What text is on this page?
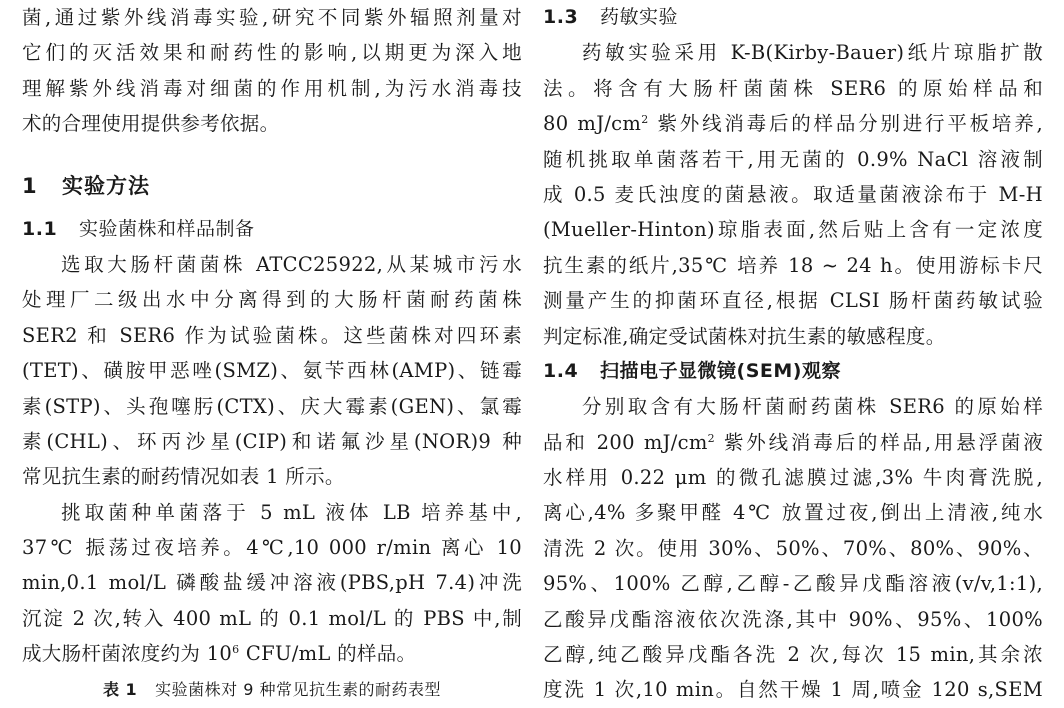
菌,通过紫外线消毒实验,研究不同紫外辐照剂量对
它们的灭活效果和耐药性的影响,以期更为深入地
理解紫外线消毒对细菌的作用机制,为污水消毒技
术的合理使用提供参考依据。
1 实验方法
1.1 实验菌株和样品制备
选取大肠杆菌菌株 ATCC25922,从某城市污水
处理厂二级出水中分离得到的大肠杆菌耐药菌株
SER2 和 SER6 作为试验菌株。这些菌株对四环素
(TET)、磺胺甲恶唑(SMZ)、氨苄西林(AMP)、链霉
素(STP)、头孢噻肟(CTX)、庆大霉素(GEN)、氯霉
素(CHL)、环丙沙星(CIP)和诺氟沙星(NOR)9 种
常见抗生素的耐药情况如表 1 所示。
挑取菌种单菌落于 5 mL 液体 LB 培养基中,
37℃ 振荡过夜培养。4℃,10 000 r/min 离心 10
min,0.1 mol/L 磷酸盐缓冲溶液(PBS,pH 7.4)冲洗
沉淀 2 次,转入 400 mL 的 0.1 mol/L 的 PBS 中,制
成大肠杆菌浓度约为 $10^6$ CFU/mL 的样品。
表 1 实验菌株对 9 种常见抗生素的耐药表型
1.3 药敏实验
药敏实验采用 K-B(Kirby-Bauer)纸片琼脂扩散
法。将含有大肠杆菌菌株 SER6 的原始样品和
80 $mJ/cm^2$ 紫外线消毒后的样品分别进行平板培养,
随机挑取单菌落若干,用无菌的 0.9% NaCl 溶液制
成 0.5 麦氏浊度的菌悬液。取适量菌液涂布于 M-H
(Mueller-Hinton)琼脂表面,然后贴上含有一定浓度
抗生素的纸片,35℃ 培养 18 ~ 24 h。使用游标卡尺
测量产生的抑菌环直径,根据 CLSI 肠杆菌药敏试验
判定标准,确定受试菌株对抗生素的敏感程度。
1.4 扫描电子显微镜(SEM)观察
分别取含有大肠杆菌耐药菌株 SER6 的原始样
品和 200 $mJ/cm^2$ 紫外线消毒后的样品,用悬浮菌液
水样用 0.22 μm 的微孔滤膜过滤,3% 牛肉膏洗脱,
离心,4% 多聚甲醛 4℃ 放置过夜,倒出上清液,纯水
清洗 2 次。使用 30%、50%、70%、80%、90%、
95%、100% 乙醇,乙醇-乙酸异戊酯溶液(v/v,1:1),
乙酸异戊酯溶液依次洗涤,其中 90%、95%、100%
乙醇,纯乙酸异戊酯各洗 2 次,每次 15 min,其余浓
度洗 1 次,10 min。自然干燥 1 周,喷金 120 s,SEM
